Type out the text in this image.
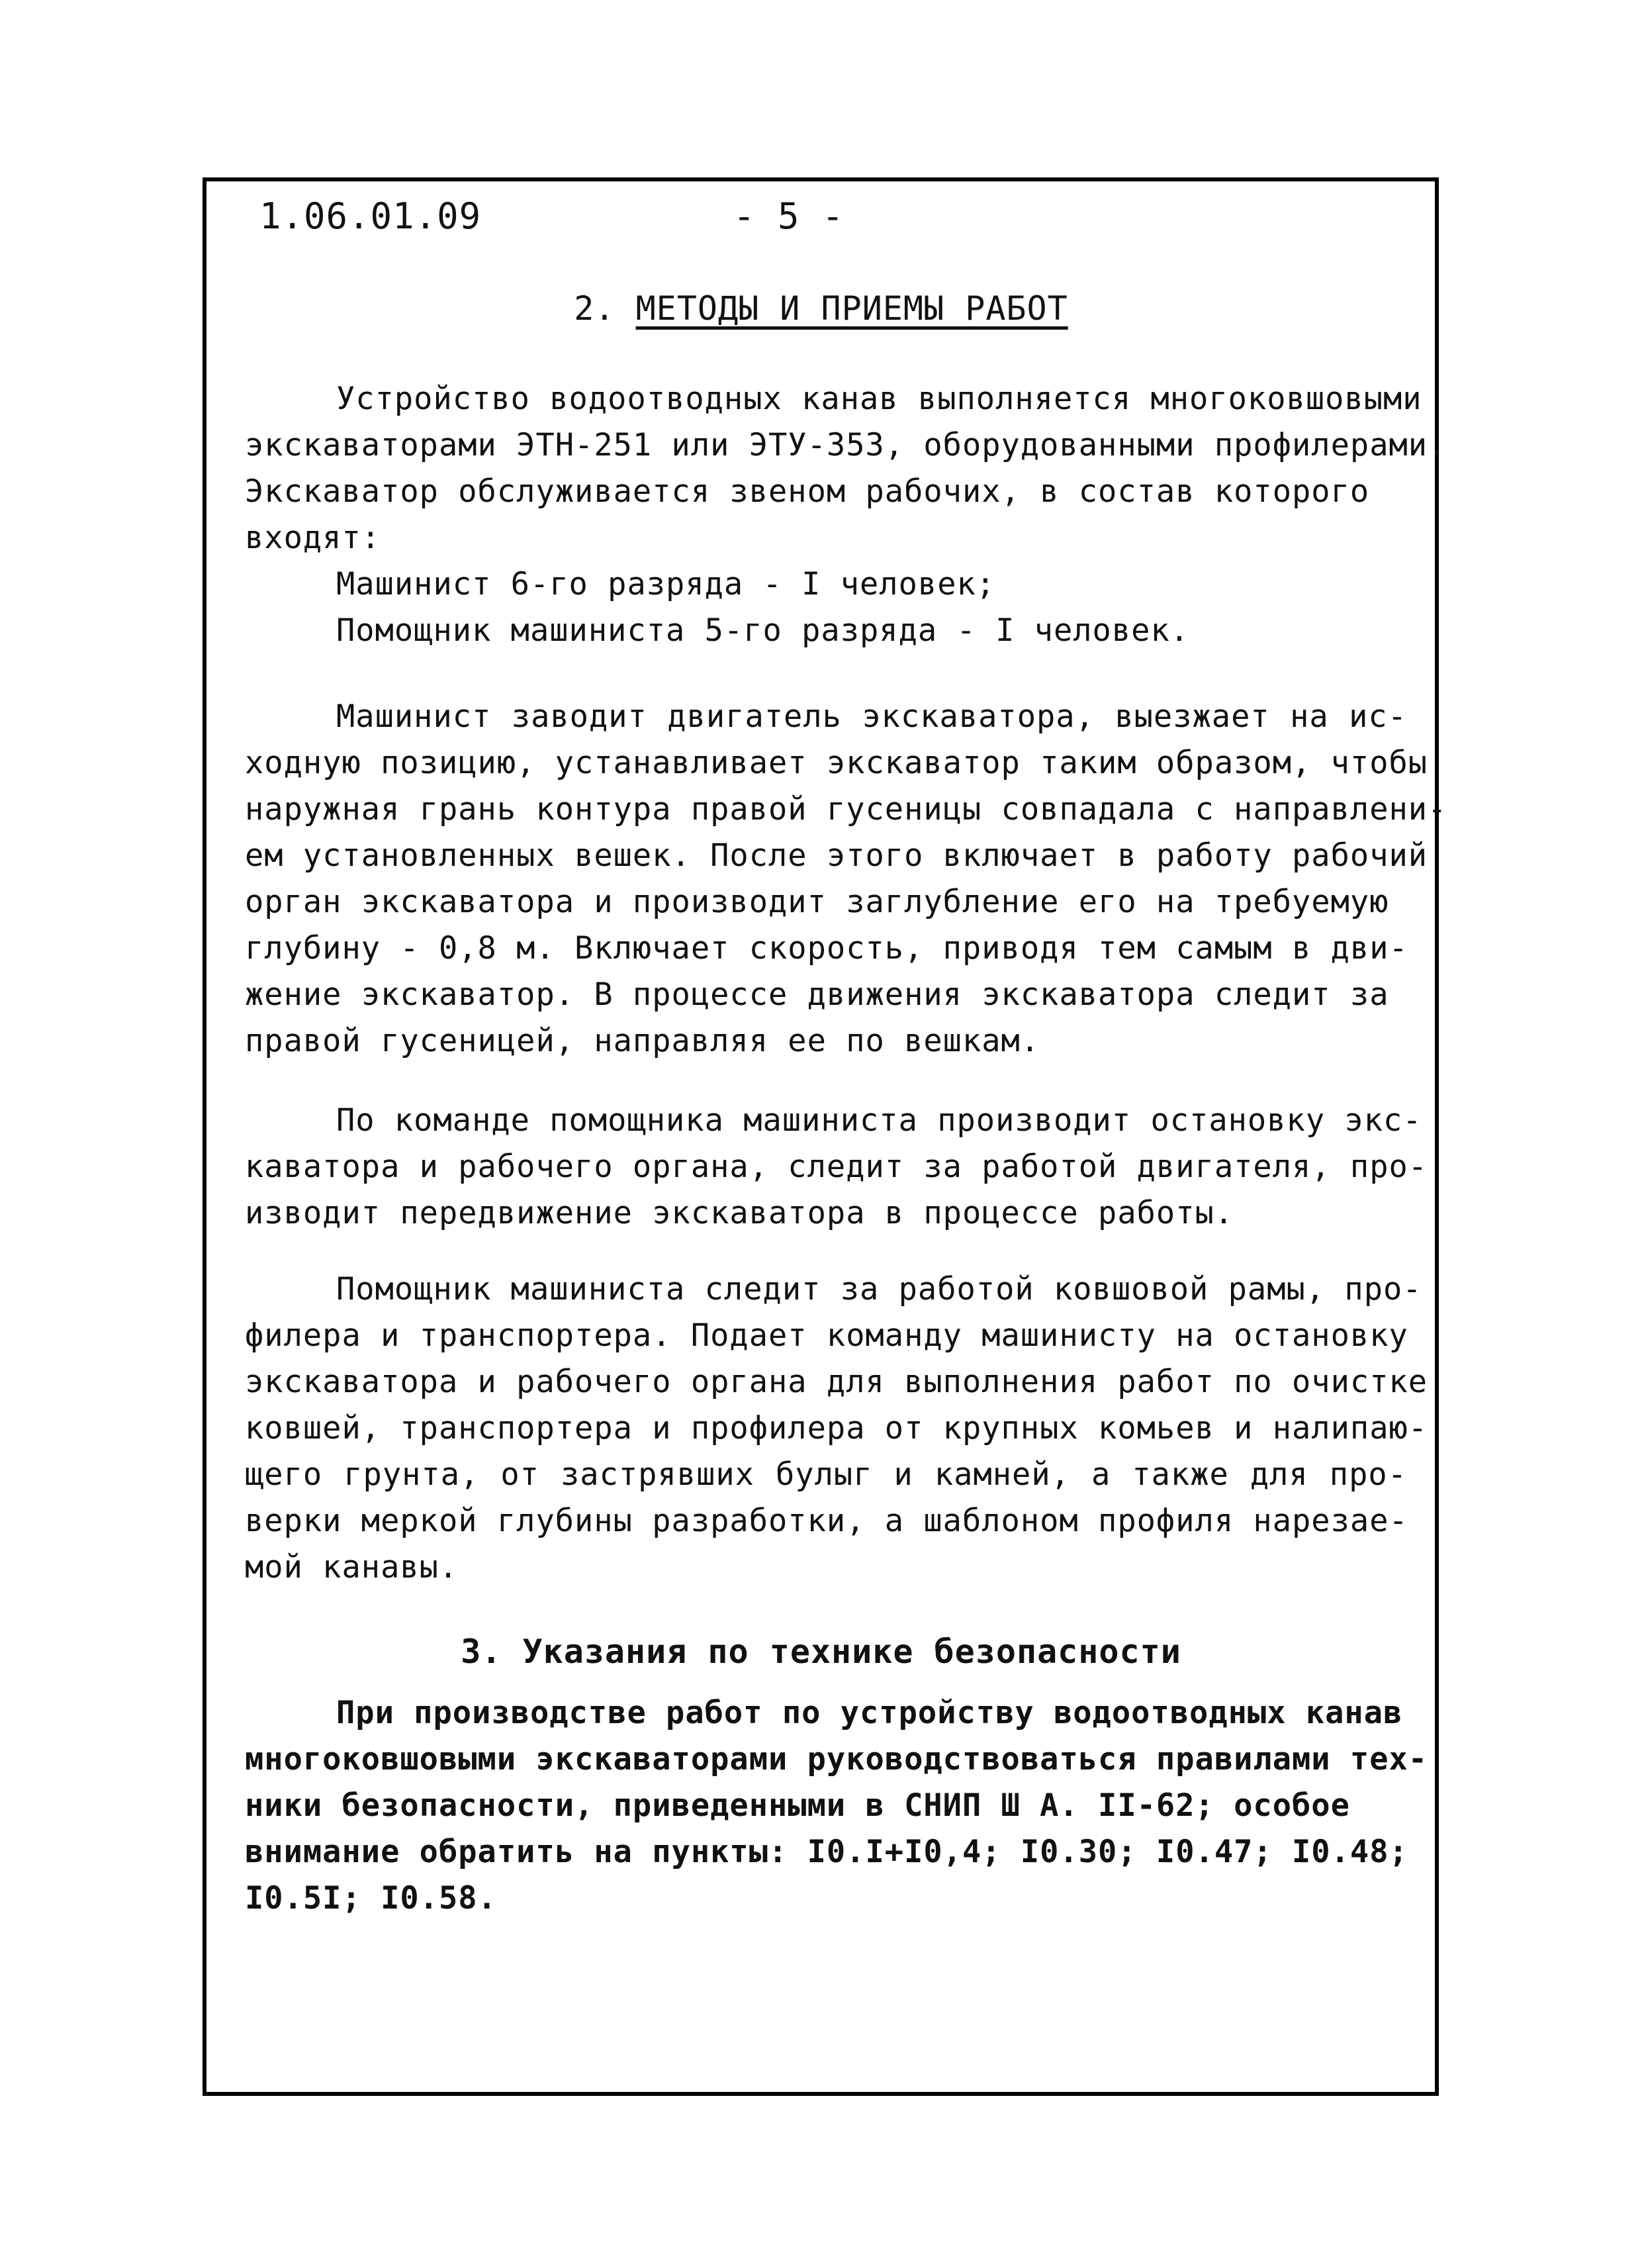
1.06.01.09	- 5 -
2. МЕТОДЫ И ПРИЕМЫ РАБОТ
Устройство водоотводных канав выполняется многоковшовыми
экскаваторами ЭТН-251 или ЭТУ-353, оборудованными профилерами.
Экскаватор обслуживается звеном рабочих, в состав которого
входят:
Машинист 6-го разряда - I человек;
Помощник машиниста 5-го разряда - I человек.
Машинист заводит двигатель экскаватора, выезжает на ис-
ходную позицию, устанавливает экскаватор таким образом, чтобы
наружная грань контура правой гусеницы совпадала с направлени-
ем установленных вешек. После этого включает в работу рабочий
орган экскаватора и производит заглубление его на требуемую
глубину - 0,8 м. Включает скорость, приводя тем самым в дви-
жение экскаватор. В процессе движения экскаватора следит за
правой гусеницей, направляя ее по вешкам.
По команде помощника машиниста производит остановку экс-
каватора и рабочего органа, следит за работой двигателя, про-
изводит передвижение экскаватора в процессе работы.
Помощник машиниста следит за работой ковшовой рамы, про-
филера и транспортера. Подает команду машинисту на остановку
экскаватора и рабочего органа для выполнения работ по очистке
ковшей, транспортера и профилера от крупных комьев и налипаю-
щего грунта, от застрявших булыг и камней, а также для про-
верки меркой глубины разработки, а шаблоном профиля нарезае-
мой канавы.
3. Указания по технике безопасности
При производстве работ по устройству водоотводных канав
многоковшовыми экскаваторами руководствоваться правилами тех-
ники безопасности, приведенными в СНИП Ш А. II-62; особое
внимание обратить на пункты: I0.I+I0,4; I0.30; I0.47; I0.48;
I0.5I; I0.58.
